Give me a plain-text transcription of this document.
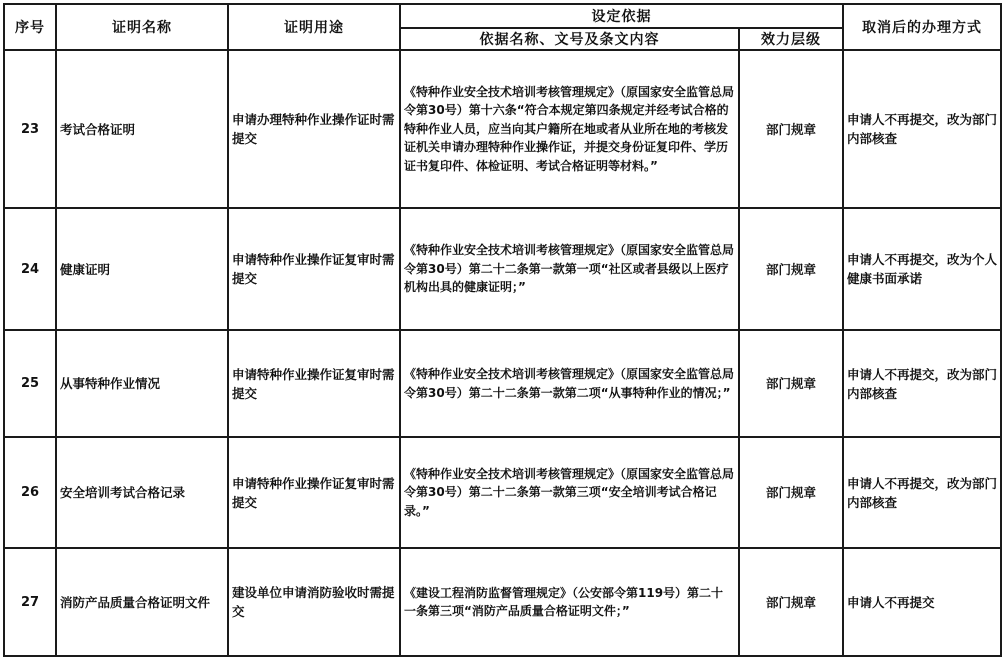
序号	证明名称	证明用途	设定依据		取消后的办理方式
			依据名称、文号及条文内容	效力层级	
23	考试合格证明	申请办理特种作业操作证时需提交	《特种作业安全技术培训考核管理规定》（原国家安全监管总局令第30号）第十六条“符合本规定第四条规定并经考试合格的特种作业人员，应当向其户籍所在地或者从业所在地的考核发证机关申请办理特种作业操作证，并提交身份证复印件、学历证书复印件、体检证明、考试合格证明等材料。”	部门规章	申请人不再提交，改为部门内部核查
24	健康证明	申请特种作业操作证复审时需提交	《特种作业安全技术培训考核管理规定》（原国家安全监管总局令第30号）第二十二条第一款第一项“社区或者县级以上医疗机构出具的健康证明；”	部门规章	申请人不再提交，改为个人健康书面承诺
25	从事特种作业情况	申请特种作业操作证复审时需提交	《特种作业安全技术培训考核管理规定》（原国家安全监管总局令第30号）第二十二条第一款第二项“从事特种作业的情况；”	部门规章	申请人不再提交，改为部门内部核查
26	安全培训考试合格记录	申请特种作业操作证复审时需提交	《特种作业安全技术培训考核管理规定》（原国家安全监管总局令第30号）第二十二条第一款第三项“安全培训考试合格记录。”	部门规章	申请人不再提交，改为部门内部核查
27	消防产品质量合格证明文件	建设单位申请消防验收时需提交	《建设工程消防监督管理规定》（公安部令第119号）第二十一条第三项“消防产品质量合格证明文件；”	部门规章	申请人不再提交
